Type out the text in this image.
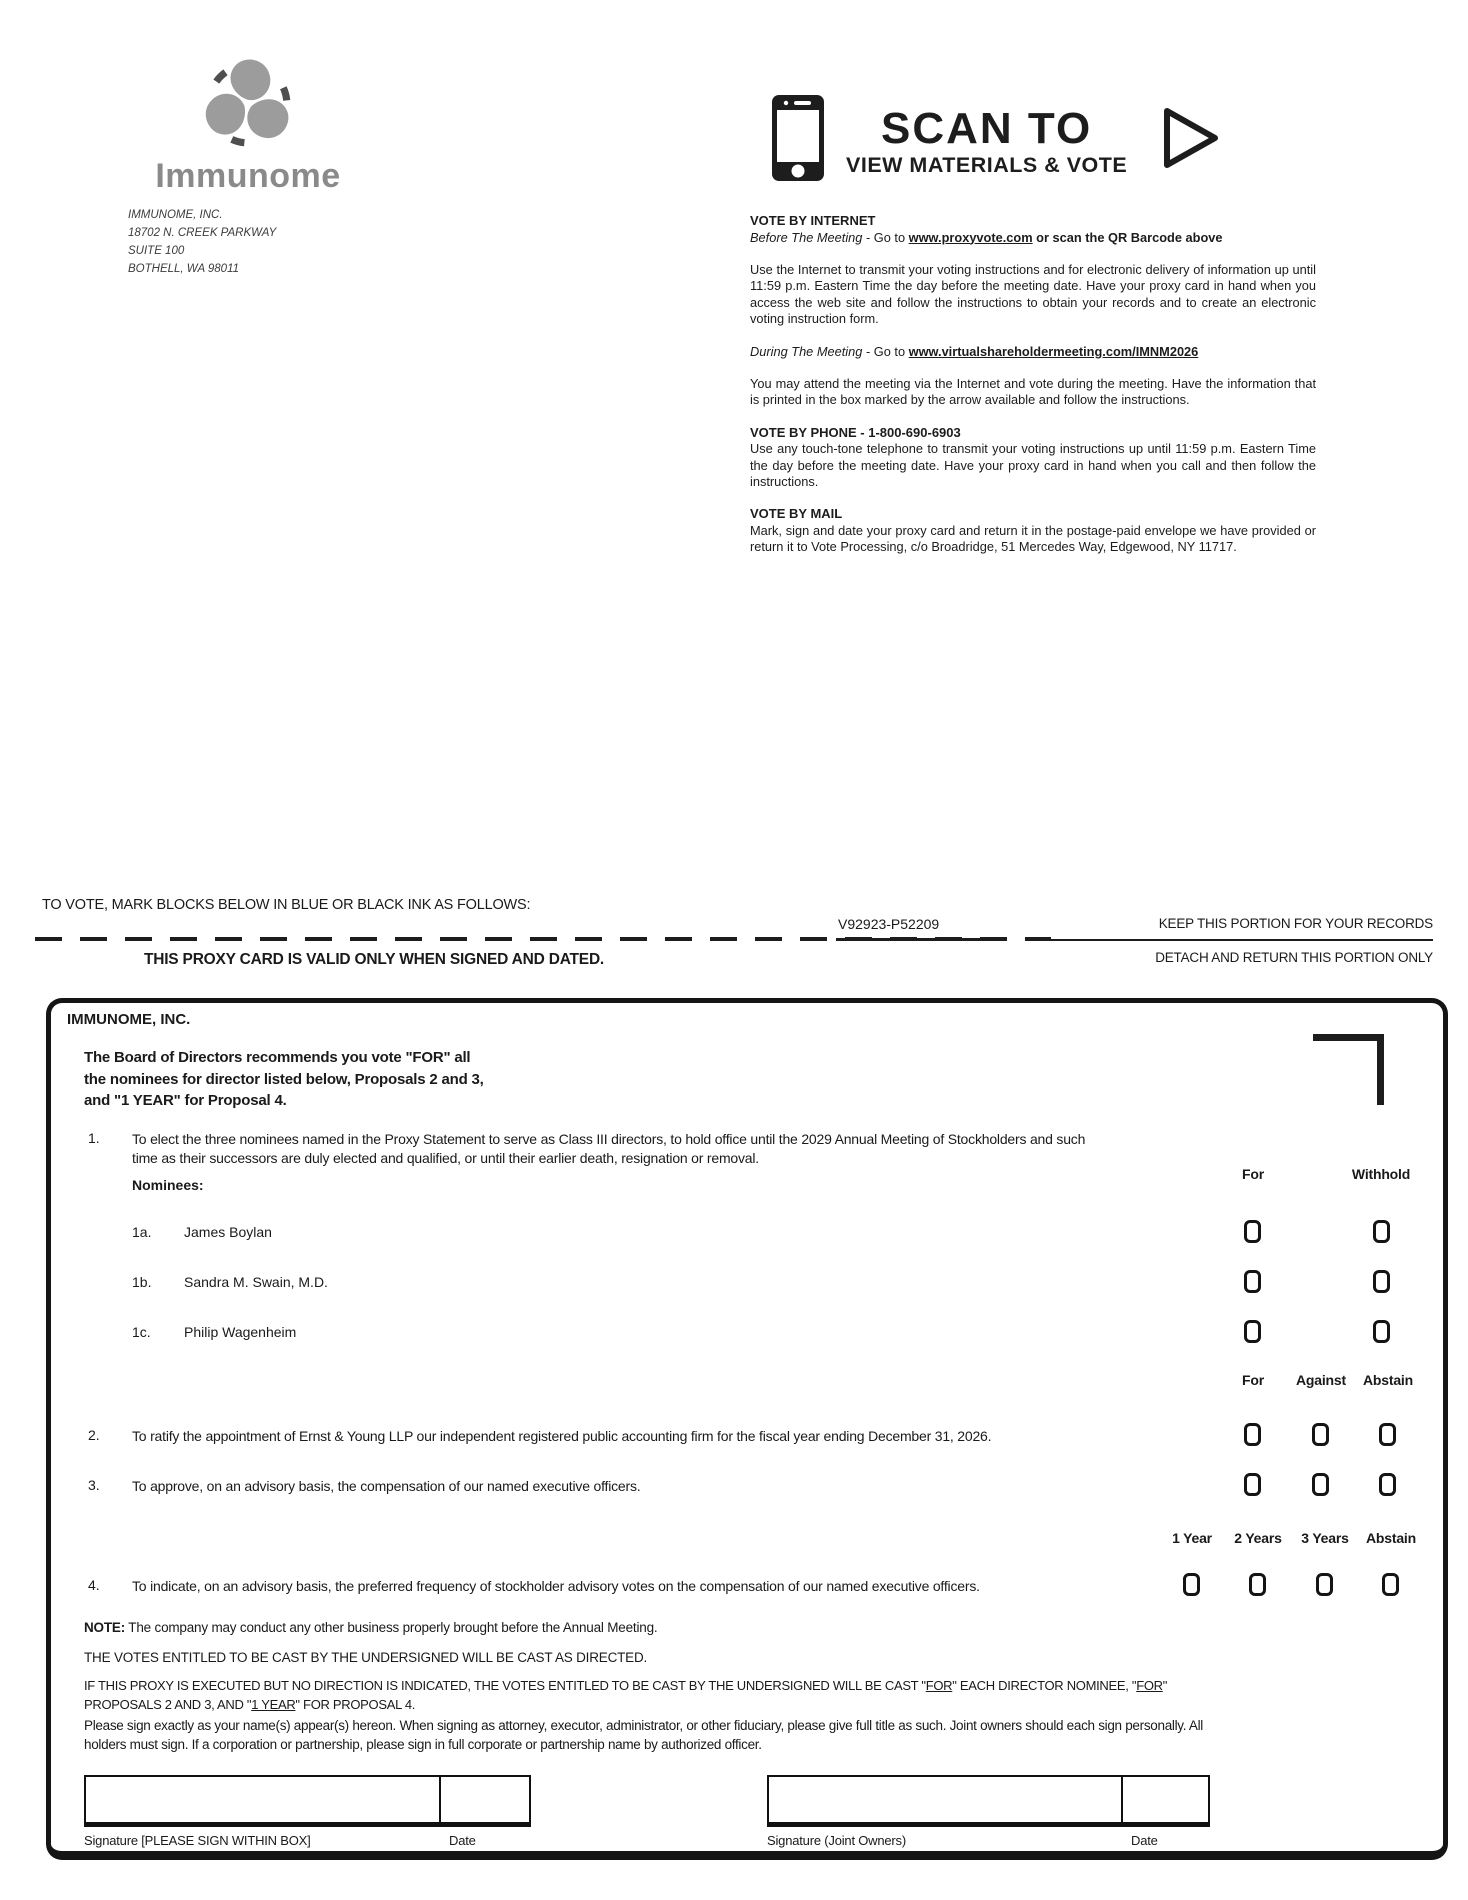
Immunome
IMMUNOME, INC.
18702 N. CREEK PARKWAY
SUITE 100
BOTHELL, WA 98011
SCAN TO
VIEW MATERIALS & VOTE
VOTE BY INTERNET
Before The Meeting - Go to www.proxyvote.com or scan the QR Barcode above

Use the Internet to transmit your voting instructions and for electronic delivery of information up until 11:59 p.m. Eastern Time the day before the meeting date. Have your proxy card in hand when you access the web site and follow the instructions to obtain your records and to create an electronic voting instruction form.

During The Meeting - Go to www.virtualshareholdermeeting.com/IMNM2026

You may attend the meeting via the Internet and vote during the meeting. Have the information that is printed in the box marked by the arrow available and follow the instructions.

VOTE BY PHONE - 1-800-690-6903

Use any touch-tone telephone to transmit your voting instructions up until 11:59 p.m. Eastern Time the day before the meeting date. Have your proxy card in hand when you call and then follow the instructions.

VOTE BY MAIL

Mark, sign and date your proxy card and return it in the postage-paid envelope we have provided or return it to Vote Processing, c/o Broadridge, 51 Mercedes Way, Edgewood, NY 11717.

TO VOTE, MARK BLOCKS BELOW IN BLUE OR BLACK INK AS FOLLOWS:
V92923-P52209	KEEP THIS PORTION FOR YOUR RECORDS
THIS PROXY CARD IS VALID ONLY WHEN SIGNED AND DATED.	DETACH AND RETURN THIS PORTION ONLY
IMMUNOME, INC.
The Board of Directors recommends you vote "FOR" all
the nominees for director listed below, Proposals 2 and 3,
and "1 YEAR" for Proposal 4.
1. To elect the three nominees named in the Proxy Statement to serve as Class III directors, to hold office until the 2029 Annual Meeting of Stockholders and such time as their successors are duly elected and qualified, or until their earlier death, resignation or removal.
Nominees:
For	Withhold
1a. James Boylan
1b. Sandra M. Swain, M.D.
1c. Philip Wagenheim
For Against Abstain
2. To ratify the appointment of Ernst & Young LLP our independent registered public accounting firm for the fiscal year ending December 31, 2026.
3. To approve, on an advisory basis, the compensation of our named executive officers.
1 Year 2 Years 3 Years Abstain
4. To indicate, on an advisory basis, the preferred frequency of stockholder advisory votes on the compensation of our named executive officers.
NOTE: The company may conduct any other business properly brought before the Annual Meeting.
THE VOTES ENTITLED TO BE CAST BY THE UNDERSIGNED WILL BE CAST AS DIRECTED.
IF THIS PROXY IS EXECUTED BUT NO DIRECTION IS INDICATED, THE VOTES ENTITLED TO BE CAST BY THE UNDERSIGNED WILL BE CAST "FOR" EACH DIRECTOR NOMINEE, "FOR" PROPOSALS 2 AND 3, AND "1 YEAR" FOR PROPOSAL 4.
Please sign exactly as your name(s) appear(s) hereon. When signing as attorney, executor, administrator, or other fiduciary, please give full title as such. Joint owners should each sign personally. All holders must sign. If a corporation or partnership, please sign in full corporate or partnership name by authorized officer.
Signature [PLEASE SIGN WITHIN BOX]	Date	Signature (Joint Owners)	Date
